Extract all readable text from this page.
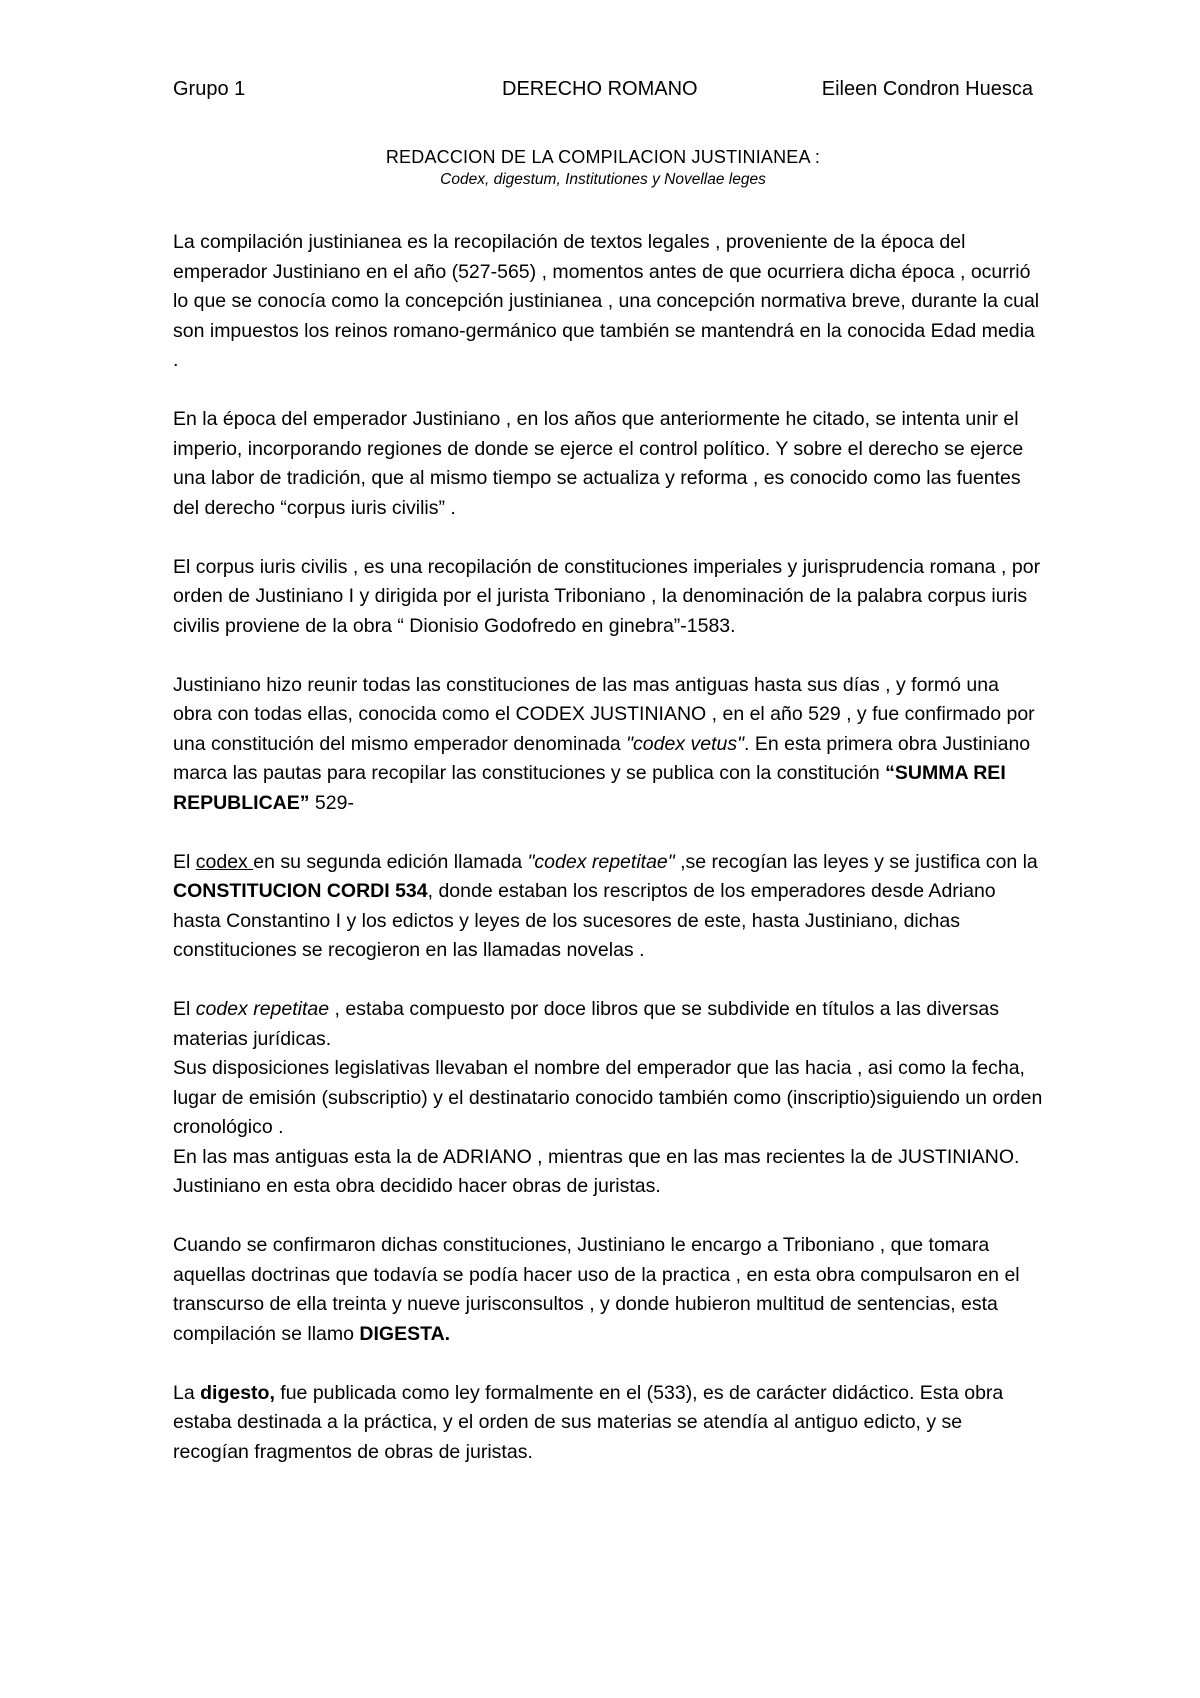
Grupo 1	DERECHO ROMANO	Eileen Condron Huesca
REDACCION DE LA COMPILACION JUSTINIANEA :

Codex, digestum, Institutiones y Novellae leges

La compilación justinianea es la recopilación de textos legales , proveniente de la época del emperador Justiniano en el año (527-565) , momentos antes de que ocurriera dicha época , ocurrió lo que se conocía como la concepción justinianea , una concepción normativa breve, durante la cual son impuestos los reinos romano-germánico que también se mantendrá en la conocida Edad media .

En la época del emperador Justiniano , en los años que anteriormente he citado, se intenta unir el imperio, incorporando regiones de donde se ejerce el control político. Y sobre el derecho se ejerce una labor de tradición, que al mismo tiempo se actualiza y reforma , es conocido como las fuentes del derecho “corpus iuris civilis” .

El corpus iuris civilis , es una recopilación de constituciones imperiales y jurisprudencia romana , por orden de Justiniano I y dirigida por el jurista Triboniano , la denominación de la palabra corpus iuris civilis proviene de la obra “ Dionisio Godofredo en ginebra”-1583.

Justiniano hizo reunir todas las constituciones de las mas antiguas hasta sus días , y formó una obra con todas ellas, conocida como el CODEX JUSTINIANO , en el año 529 , y fue confirmado por una constitución del mismo emperador denominada "codex vetus". En esta primera obra Justiniano marca las pautas para recopilar las constituciones y se publica con la constitución “SUMMA REI REPUBLICAE” 529-

El codex en su segunda edición llamada "codex repetitae" ,se recogían las leyes y se justifica con la CONSTITUCION CORDI 534, donde estaban los rescriptos de los emperadores desde Adriano hasta Constantino I y los edictos y leyes de los sucesores de este, hasta Justiniano, dichas constituciones se recogieron en las llamadas novelas .

El codex repetitae , estaba compuesto por doce libros que se subdivide en títulos a las diversas materias jurídicas.

Sus disposiciones legislativas llevaban el nombre del emperador que las hacia , asi como la fecha, lugar de emisión (subscriptio) y el destinatario conocido también como (inscriptio)siguiendo un orden cronológico .

En las mas antiguas esta la de ADRIANO , mientras que en las mas recientes la de JUSTINIANO.

Justiniano en esta obra decidido hacer obras de juristas.

Cuando se confirmaron dichas constituciones, Justiniano le encargo a Triboniano , que tomara aquellas doctrinas que todavía se podía hacer uso de la practica , en esta obra compulsaron en el transcurso de ella treinta y nueve jurisconsultos , y donde hubieron multitud de sentencias, esta compilación se llamo DIGESTA.

La digesto, fue publicada como ley formalmente en el (533), es de carácter didáctico. Esta obra estaba destinada a la práctica, y el orden de sus materias se atendía al antiguo edicto, y se recogían fragmentos de obras de juristas.
